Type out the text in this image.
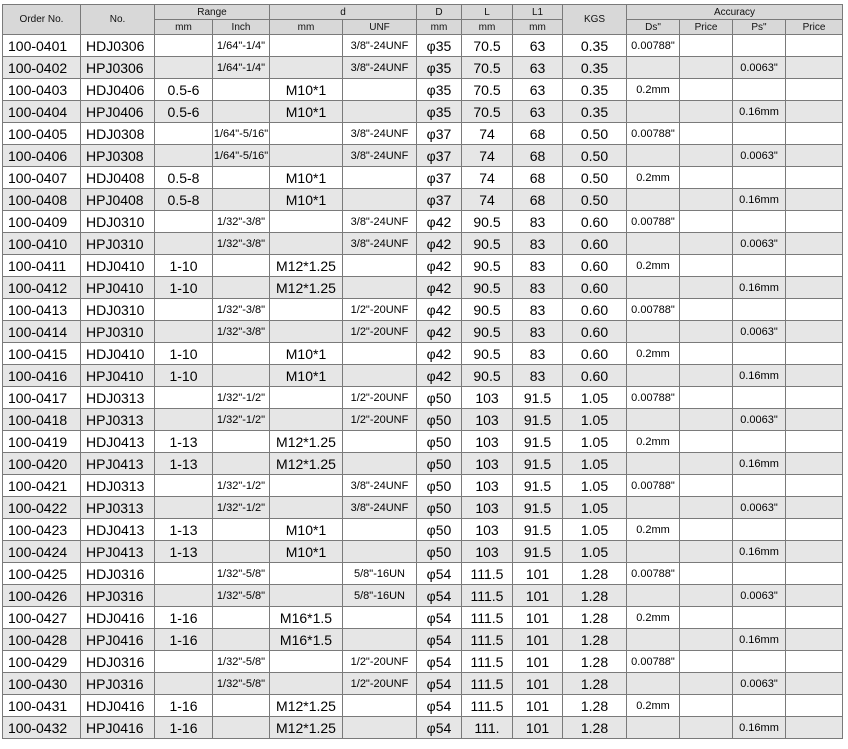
Order No.	No.	Range		d		D	L	L1	KGS	Accuracy			
		mm	Inch	mm	UNF	mm	mm	mm		Ds"	Price	Ps"	Price
100-0401	HDJ0306		1/64"-1/4"		3/8"-24UNF	φ35	70.5	63	0.35	0.00788"			
100-0402	HPJ0306		1/64"-1/4"		3/8"-24UNF	φ35	70.5	63	0.35			0.0063"	
100-0403	HDJ0406	0.5-6		M10*1		φ35	70.5	63	0.35	0.2mm			
100-0404	HPJ0406	0.5-6		M10*1		φ35	70.5	63	0.35			0.16mm	
100-0405	HDJ0308		1/64"-5/16"		3/8"-24UNF	φ37	74	68	0.50	0.00788"			
100-0406	HPJ0308		1/64"-5/16"		3/8"-24UNF	φ37	74	68	0.50			0.0063"	
100-0407	HDJ0408	0.5-8		M10*1		φ37	74	68	0.50	0.2mm			
100-0408	HPJ0408	0.5-8		M10*1		φ37	74	68	0.50			0.16mm	
100-0409	HDJ0310		1/32"-3/8"		3/8"-24UNF	φ42	90.5	83	0.60	0.00788"			
100-0410	HPJ0310		1/32"-3/8"		3/8"-24UNF	φ42	90.5	83	0.60			0.0063"	
100-0411	HDJ0410	1-10		M12*1.25		φ42	90.5	83	0.60	0.2mm			
100-0412	HPJ0410	1-10		M12*1.25		φ42	90.5	83	0.60			0.16mm	
100-0413	HDJ0310		1/32"-3/8"		1/2"-20UNF	φ42	90.5	83	0.60	0.00788"			
100-0414	HPJ0310		1/32"-3/8"		1/2"-20UNF	φ42	90.5	83	0.60			0.0063"	
100-0415	HDJ0410	1-10		M10*1		φ42	90.5	83	0.60	0.2mm			
100-0416	HPJ0410	1-10		M10*1		φ42	90.5	83	0.60			0.16mm	
100-0417	HDJ0313		1/32"-1/2"		1/2"-20UNF	φ50	103	91.5	1.05	0.00788"			
100-0418	HPJ0313		1/32"-1/2"		1/2"-20UNF	φ50	103	91.5	1.05			0.0063"	
100-0419	HDJ0413	1-13		M12*1.25		φ50	103	91.5	1.05	0.2mm			
100-0420	HPJ0413	1-13		M12*1.25		φ50	103	91.5	1.05			0.16mm	
100-0421	HDJ0313		1/32"-1/2"		3/8"-24UNF	φ50	103	91.5	1.05	0.00788"			
100-0422	HPJ0313		1/32"-1/2"		3/8"-24UNF	φ50	103	91.5	1.05			0.0063"	
100-0423	HDJ0413	1-13		M10*1		φ50	103	91.5	1.05	0.2mm			
100-0424	HPJ0413	1-13		M10*1		φ50	103	91.5	1.05			0.16mm	
100-0425	HDJ0316		1/32"-5/8"		5/8"-16UN	φ54	111.5	101	1.28	0.00788"			
100-0426	HPJ0316		1/32"-5/8"		5/8"-16UN	φ54	111.5	101	1.28			0.0063"	
100-0427	HDJ0416	1-16		M16*1.5		φ54	111.5	101	1.28	0.2mm			
100-0428	HPJ0416	1-16		M16*1.5		φ54	111.5	101	1.28			0.16mm	
100-0429	HDJ0316		1/32"-5/8"		1/2"-20UNF	φ54	111.5	101	1.28	0.00788"			
100-0430	HPJ0316		1/32"-5/8"		1/2"-20UNF	φ54	111.5	101	1.28			0.0063"	
100-0431	HDJ0416	1-16		M12*1.25		φ54	111.5	101	1.28	0.2mm			
100-0432	HPJ0416	1-16		M12*1.25		φ54	111.	101	1.28			0.16mm	
